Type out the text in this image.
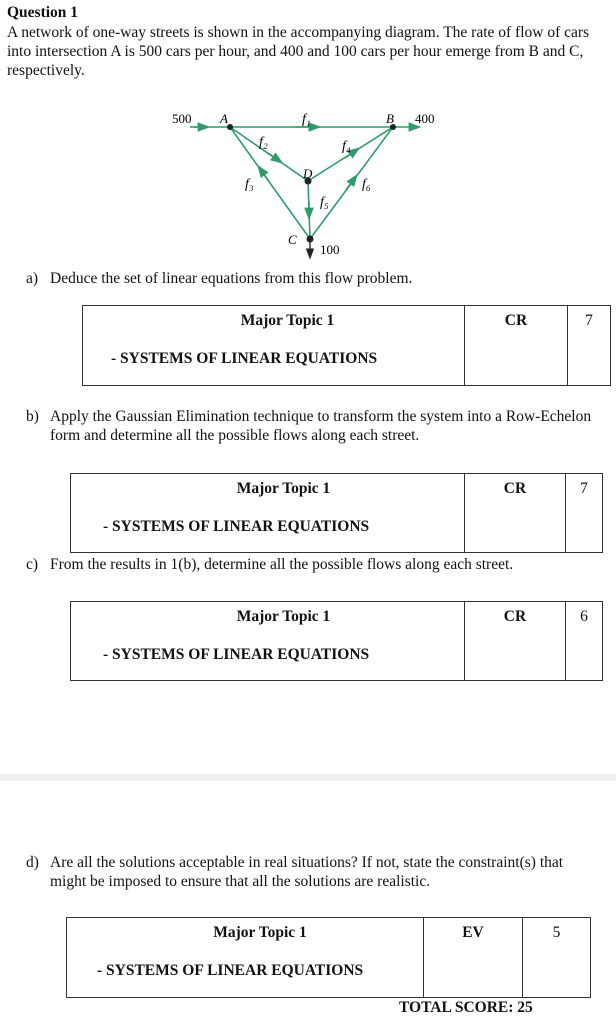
Question 1
A network of one-way streets is shown in the accompanying diagram. The rate of flow of cars into intersection A is 500 cars per hour, and 400 and 100 cars per hour emerge from B and C, respectively.
500 A	B 400
f₁
f₂	f₄
D
f₃	f₆
f₅
C
100
a) Deduce the set of linear equations from this flow problem.
Major Topic 1
- SYSTEMS OF LINEAR EQUATIONS

CR	7
b) Apply the Gaussian Elimination technique to transform the system into a Row-Echelon form and determine all the possible flows along each street.
Major Topic 1
- SYSTEMS OF LINEAR EQUATIONS

CR	7
c) From the results in 1(b), determine all the possible flows along each street.
Major Topic 1
- SYSTEMS OF LINEAR EQUATIONS

CR	6
d) Are all the solutions acceptable in real situations? If not, state the constraint(s) that might be imposed to ensure that all the solutions are realistic.
Major Topic 1
- SYSTEMS OF LINEAR EQUATIONS

EV	5
TOTAL SCORE: 25
